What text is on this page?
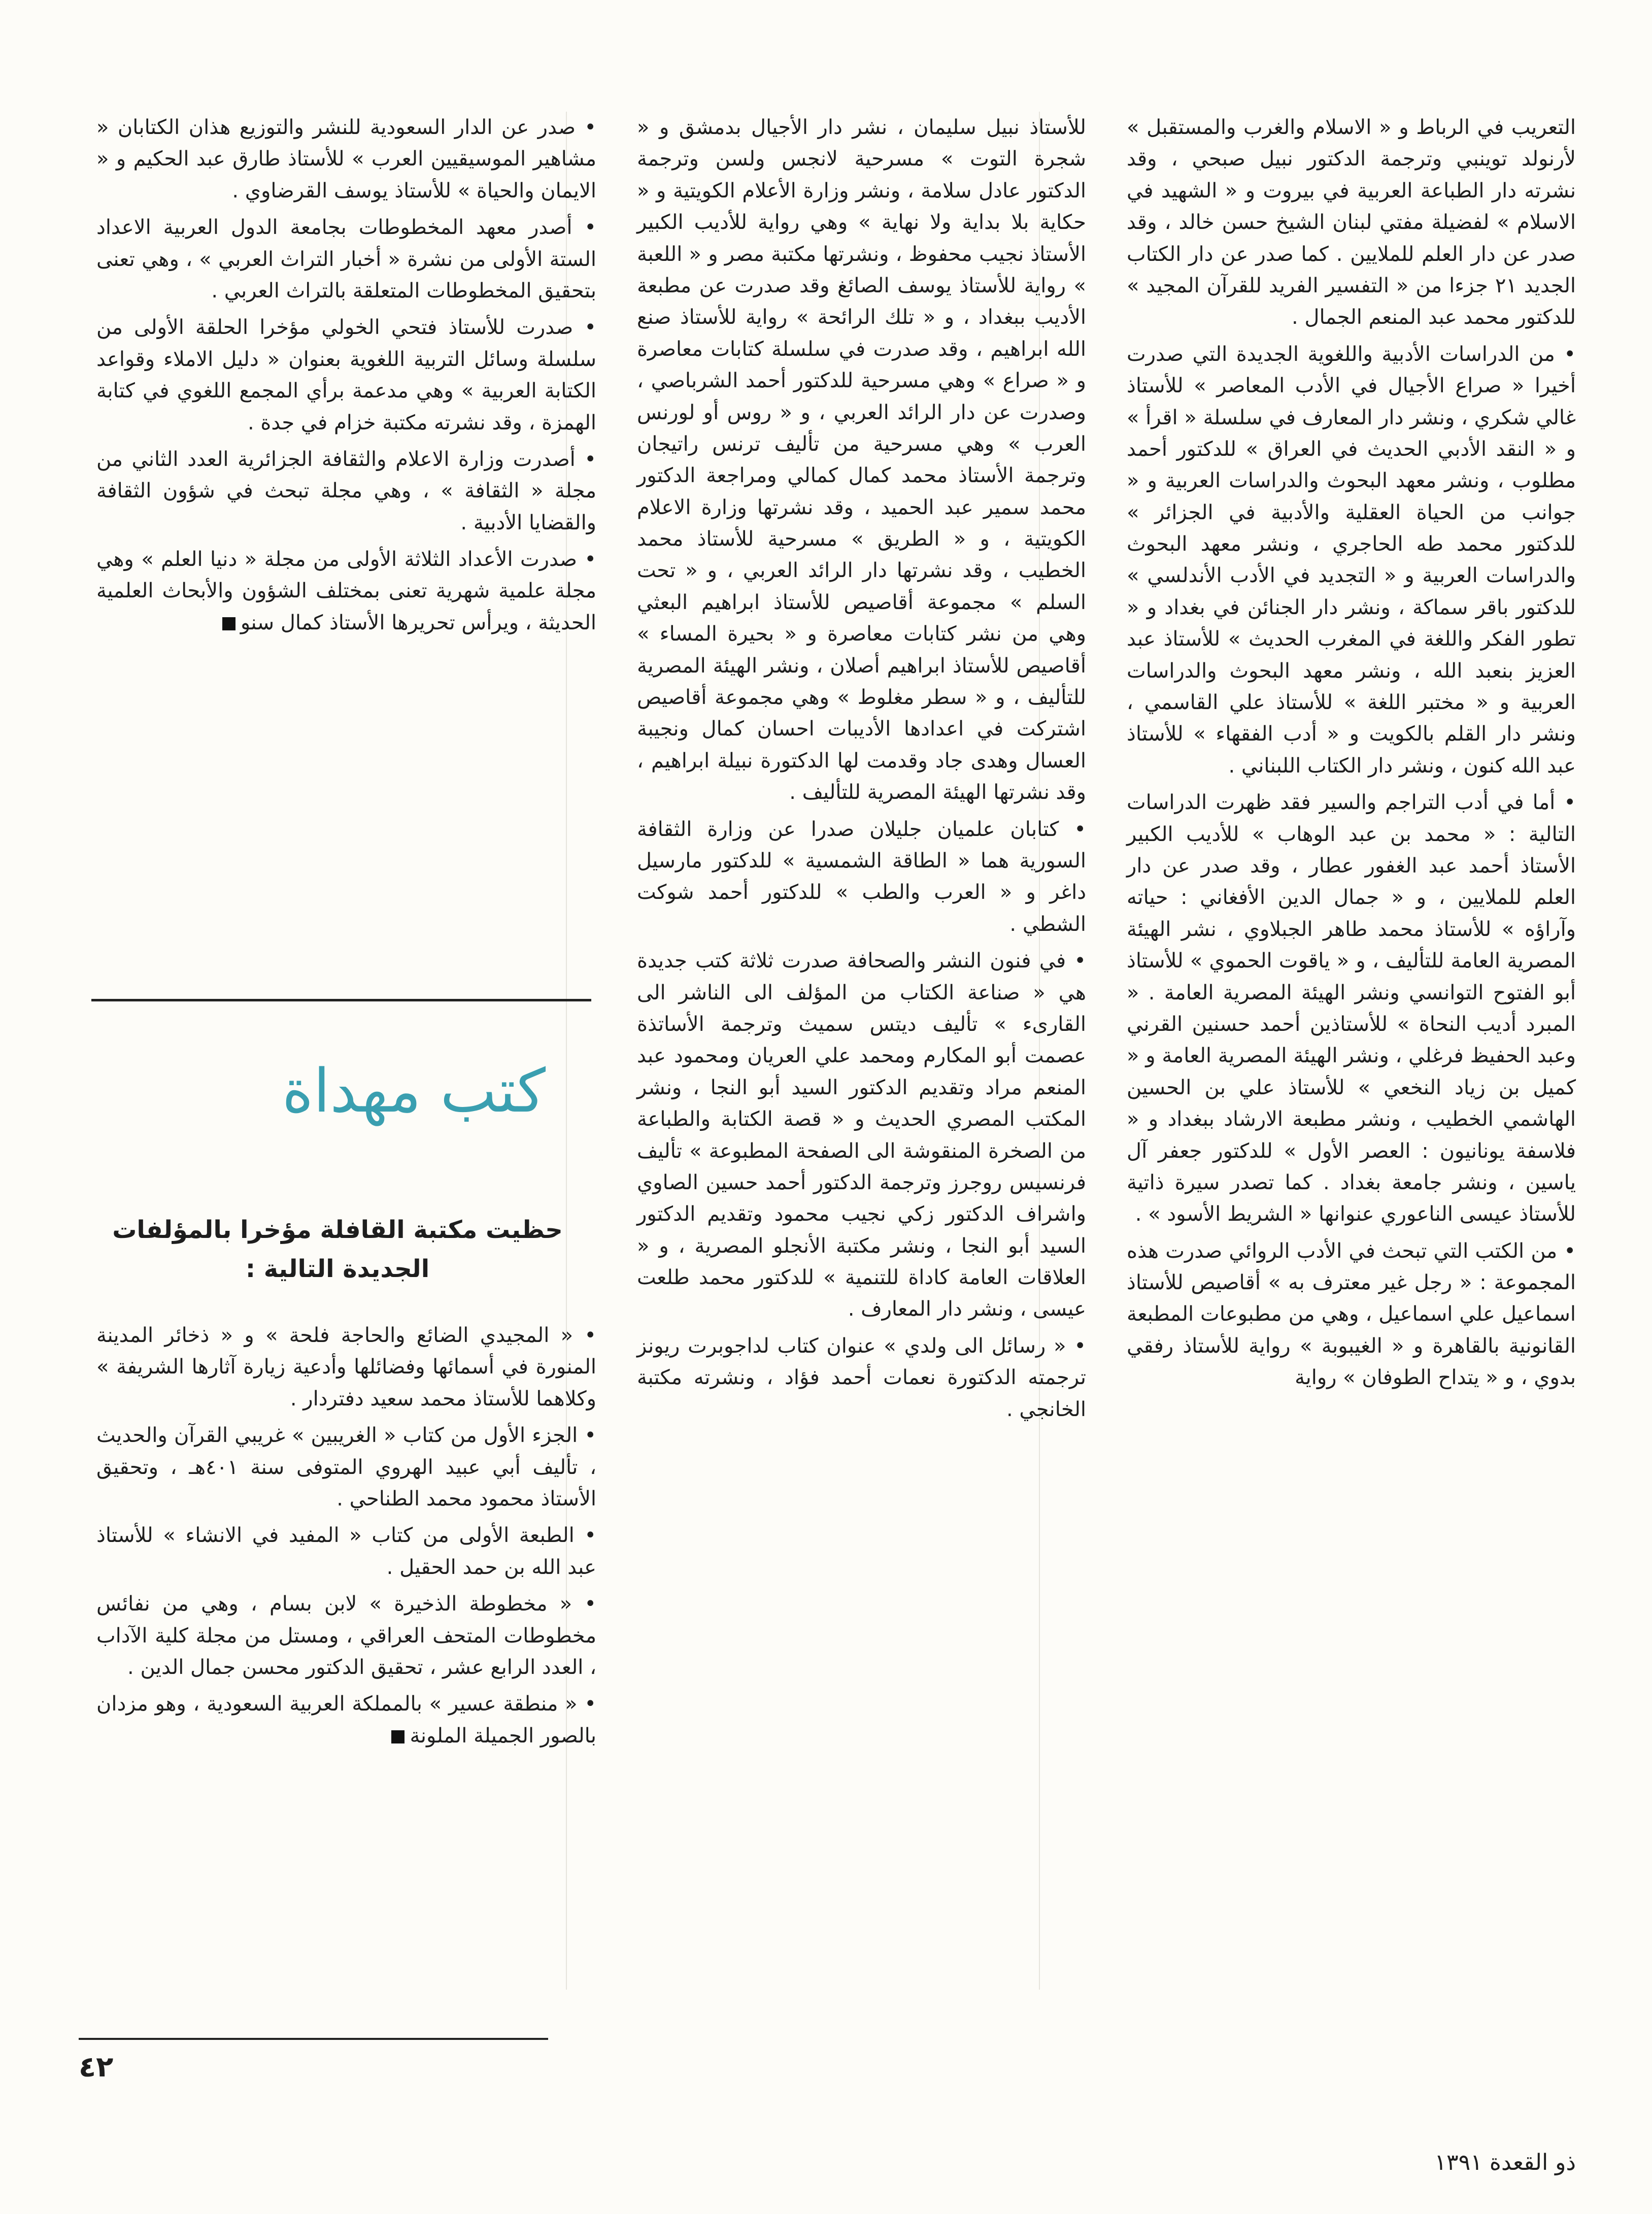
التعريب في الرباط و « الاسلام والغرب والمستقبل » لأرنولد توينبي وترجمة الدكتور نبيل صبحي ، وقد نشرته دار الطباعة العربية في بيروت و « الشهيد في الاسلام » لفضيلة مفتي لبنان الشيخ حسن خالد ، وقد صدر عن دار العلم للملايين . كما صدر عن دار الكتاب الجديد ٢١ جزءا من « التفسير الفريد للقرآن المجيد » للدكتور محمد عبد المنعم الجمال .

• من الدراسات الأدبية واللغوية الجديدة التي صدرت أخيرا « صراع الأجيال في الأدب المعاصر » للأستاذ غالي شكري ، ونشر دار المعارف في سلسلة « اقرأ » و « النقد الأدبي الحديث في العراق » للدكتور أحمد مطلوب ، ونشر معهد البحوث والدراسات العربية و « جوانب من الحياة العقلية والأدبية في الجزائر » للدكتور محمد طه الحاجري ، ونشر معهد البحوث والدراسات العربية و « التجديد في الأدب الأندلسي » للدكتور باقر سماكة ، ونشر دار الجنائن في بغداد و « تطور الفكر واللغة في المغرب الحديث » للأستاذ عبد العزيز بنعبد الله ، ونشر معهد البحوث والدراسات العربية و « مختبر اللغة » للأستاذ علي القاسمي ، ونشر دار القلم بالكويت و « أدب الفقهاء » للأستاذ عبد الله كنون ، ونشر دار الكتاب اللبناني .

• أما في أدب التراجم والسير فقد ظهرت الدراسات التالية : « محمد بن عبد الوهاب » للأديب الكبير الأستاذ أحمد عبد الغفور عطار ، وقد صدر عن دار العلم للملايين ، و « جمال الدين الأفغاني : حياته وآراؤه » للأستاذ محمد طاهر الجبلاوي ، نشر الهيئة المصرية العامة للتأليف ، و « ياقوت الحموي » للأستاذ أبو الفتوح التوانسي ونشر الهيئة المصرية العامة . « المبرد أديب النحاة » للأستاذين أحمد حسنين القرني وعبد الحفيظ فرغلي ، ونشر الهيئة المصرية العامة و « كميل بن زياد النخعي » للأستاذ علي بن الحسين الهاشمي الخطيب ، ونشر مطبعة الارشاد ببغداد و « فلاسفة يونانيون : العصر الأول » للدكتور جعفر آل ياسين ، ونشر جامعة بغداد . كما تصدر سيرة ذاتية للأستاذ عيسى الناعوري عنوانها « الشريط الأسود » .

• من الكتب التي تبحث في الأدب الروائي صدرت هذه المجموعة : « رجل غير معترف به » أقاصيص للأستاذ اسماعيل علي اسماعيل ، وهي من مطبوعات المطبعة القانونية بالقاهرة و « الغيبوبة » رواية للأستاذ رفقي بدوي ، و « يتداح الطوفان » رواية

للأستاذ نبيل سليمان ، نشر دار الأجيال بدمشق و « شجرة التوت » مسرحية لانجس ولسن وترجمة الدكتور عادل سلامة ، ونشر وزارة الأعلام الكويتية و « حكاية بلا بداية ولا نهاية » وهي رواية للأديب الكبير الأستاذ نجيب محفوظ ، ونشرتها مكتبة مصر و « اللعبة » رواية للأستاذ يوسف الصائغ وقد صدرت عن مطبعة الأديب ببغداد ، و « تلك الرائحة » رواية للأستاذ صنع الله ابراهيم ، وقد صدرت في سلسلة كتابات معاصرة و « صراع » وهي مسرحية للدكتور أحمد الشرباصي ، وصدرت عن دار الرائد العربي ، و « روس أو لورنس العرب » وهي مسرحية من تأليف ترنس راتيجان وترجمة الأستاذ محمد كمال كمالي ومراجعة الدكتور محمد سمير عبد الحميد ، وقد نشرتها وزارة الاعلام الكويتية ، و « الطريق » مسرحية للأستاذ محمد الخطيب ، وقد نشرتها دار الرائد العربي ، و « تحت السلم » مجموعة أقاصيص للأستاذ ابراهيم البعثي وهي من نشر كتابات معاصرة و « بحيرة المساء » أقاصيص للأستاذ ابراهيم أصلان ، ونشر الهيئة المصرية للتأليف ، و « سطر مغلوط » وهي مجموعة أقاصيص اشتركت في اعدادها الأديبات احسان كمال ونجيبة العسال وهدى جاد وقدمت لها الدكتورة نبيلة ابراهيم ، وقد نشرتها الهيئة المصرية للتأليف .

• كتابان علميان جليلان صدرا عن وزارة الثقافة السورية هما « الطاقة الشمسية » للدكتور مارسيل داغر و « العرب والطب » للدكتور أحمد شوكت الشطي .

• في فنون النشر والصحافة صدرت ثلاثة كتب جديدة هي « صناعة الكتاب من المؤلف الى الناشر الى القارىء » تأليف ديتس سميث وترجمة الأساتذة عصمت أبو المكارم ومحمد علي العريان ومحمود عبد المنعم مراد وتقديم الدكتور السيد أبو النجا ، ونشر المكتب المصري الحديث و « قصة الكتابة والطباعة من الصخرة المنقوشة الى الصفحة المطبوعة » تأليف فرنسيس روجرز وترجمة الدكتور أحمد حسين الصاوي واشراف الدكتور زكي نجيب محمود وتقديم الدكتور السيد أبو النجا ، ونشر مكتبة الأنجلو المصرية ، و « العلاقات العامة كاداة للتنمية » للدكتور محمد طلعت عيسى ، ونشر دار المعارف .

• « رسائل الى ولدي » عنوان كتاب لداجوبرت ريونز ترجمته الدكتورة نعمات أحمد فؤاد ، ونشرته مكتبة الخانجي .

• صدر عن الدار السعودية للنشر والتوزيع هذان الكتابان « مشاهير الموسيقيين العرب » للأستاذ طارق عبد الحكيم و « الايمان والحياة » للأستاذ يوسف القرضاوي .

• أصدر معهد المخطوطات بجامعة الدول العربية الاعداد الستة الأولى من نشرة « أخبار التراث العربي » ، وهي تعنى بتحقيق المخطوطات المتعلقة بالتراث العربي .

• صدرت للأستاذ فتحي الخولي مؤخرا الحلقة الأولى من سلسلة وسائل التربية اللغوية بعنوان « دليل الاملاء وقواعد الكتابة العربية » وهي مدعمة برأي المجمع اللغوي في كتابة الهمزة ، وقد نشرته مكتبة خزام في جدة .

• أصدرت وزارة الاعلام والثقافة الجزائرية العدد الثاني من مجلة « الثقافة » ، وهي مجلة تبحث في شؤون الثقافة والقضايا الأدبية .

• صدرت الأعداد الثلاثة الأولى من مجلة « دنيا العلم » وهي مجلة علمية شهرية تعنى بمختلف الشؤون والأبحاث العلمية الحديثة ، ويرأس تحريرها الأستاذ كمال سنو

كتب مهداة
حظيت مكتبة القافلة مؤخرا بالمؤلفات الجديدة التالية :

• « المجيدي الضائع والحاجة فلحة » و « ذخائر المدينة المنورة في أسمائها وفضائلها وأدعية زيارة آثارها الشريفة » وكلاهما للأستاذ محمد سعيد دفتردار .

• الجزء الأول من كتاب « الغريبين » غريبي القرآن والحديث ، تأليف أبي عبيد الهروي المتوفى سنة ٤٠١هـ ، وتحقيق الأستاذ محمود محمد الطناحي .

• الطبعة الأولى من كتاب « المفيد في الانشاء » للأستاذ عبد الله بن حمد الحقيل .

• « مخطوطة الذخيرة » لابن بسام ، وهي من نفائس مخطوطات المتحف العراقي ، ومستل من مجلة كلية الآداب ، العدد الرابع عشر ، تحقيق الدكتور محسن جمال الدين .

• « منطقة عسير » بالمملكة العربية السعودية ، وهو مزدان بالصور الجميلة الملونة

٤٢
ذو القعدة ١٣٩١
